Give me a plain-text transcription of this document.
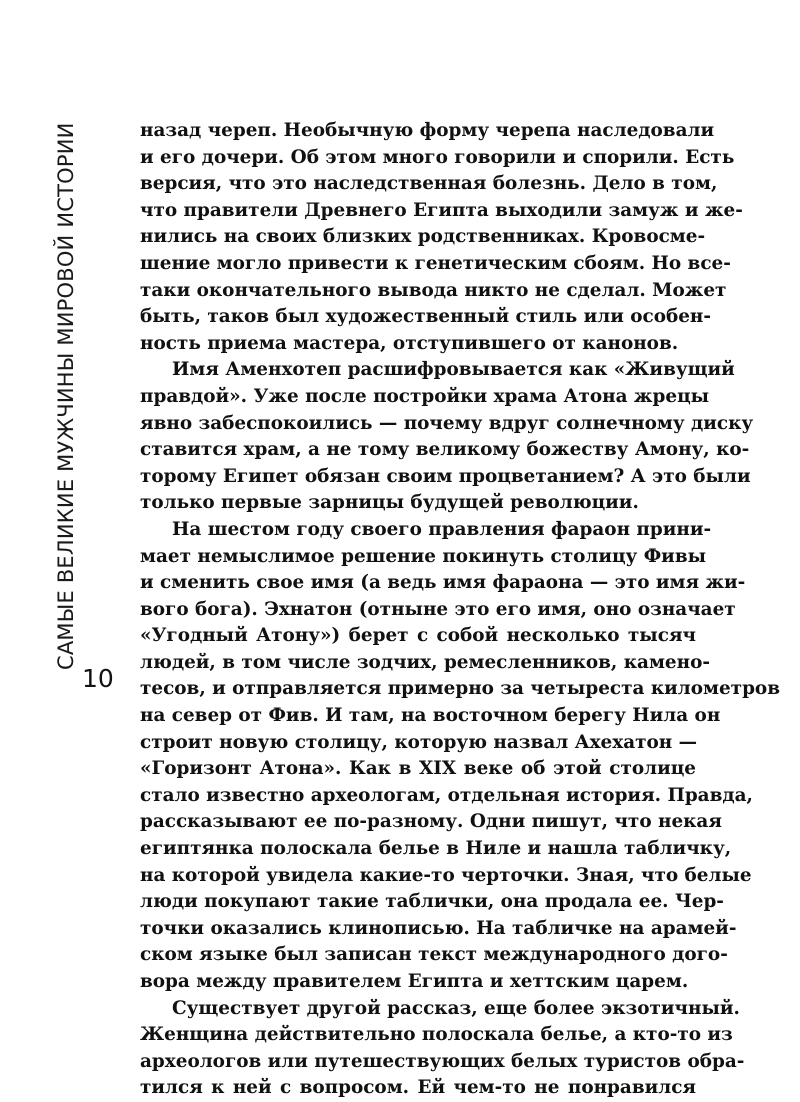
САМЫЕ ВЕЛИКИЕ МУЖЧИНЫ МИРОВОЙ ИСТОРИИ
10
назад череп. Необычную форму черепа наследовали
и его дочери. Об этом много говорили и спорили. Есть
версия, что это наследственная болезнь. Дело в том,
что правители Древнего Египта выходили замуж и же-
нились на своих близких родственниках. Кровосме-
шение могло привести к генетическим сбоям. Но все-
таки окончательного вывода никто не сделал. Может
быть, таков был художественный стиль или особен-
ность приема мастера, отступившего от канонов.
Имя Аменхотеп расшифровывается как «Живущий
правдой». Уже после постройки храма Атона жрецы
явно забеспокоились — почему вдруг солнечному диску
ставится храм, а не тому великому божеству Амону, ко-
торому Египет обязан своим процветанием? А это были
только первые зарницы будущей революции.
На шестом году своего правления фараон прини-
мает немыслимое решение покинуть столицу Фивы
и сменить свое имя (а ведь имя фараона — это имя жи-
вого бога). Эхнатон (отныне это его имя, оно означает
«Угодный Атону») берет с собой несколько тысяч
людей, в том числе зодчих, ремесленников, камено-
тесов, и отправляется примерно за четыреста километров
на север от Фив. И там, на восточном берегу Нила он
строит новую столицу, которую назвал Ахехатон —
«Горизонт Атона». Как в XIX веке об этой столице
стало известно археологам, отдельная история. Правда,
рассказывают ее по-разному. Одни пишут, что некая
египтянка полоскала белье в Ниле и нашла табличку,
на которой увидела какие-то черточки. Зная, что белые
люди покупают такие таблички, она продала ее. Чер-
точки оказались клинописью. На табличке на арамей-
ском языке был записан текст международного дого-
вора между правителем Египта и хеттским царем.
Существует другой рассказ, еще более экзотичный.
Женщина действительно полоскала белье, а кто-то из
археологов или путешествующих белых туристов обра-
тился к ней с вопросом. Ей чем-то не понравился
